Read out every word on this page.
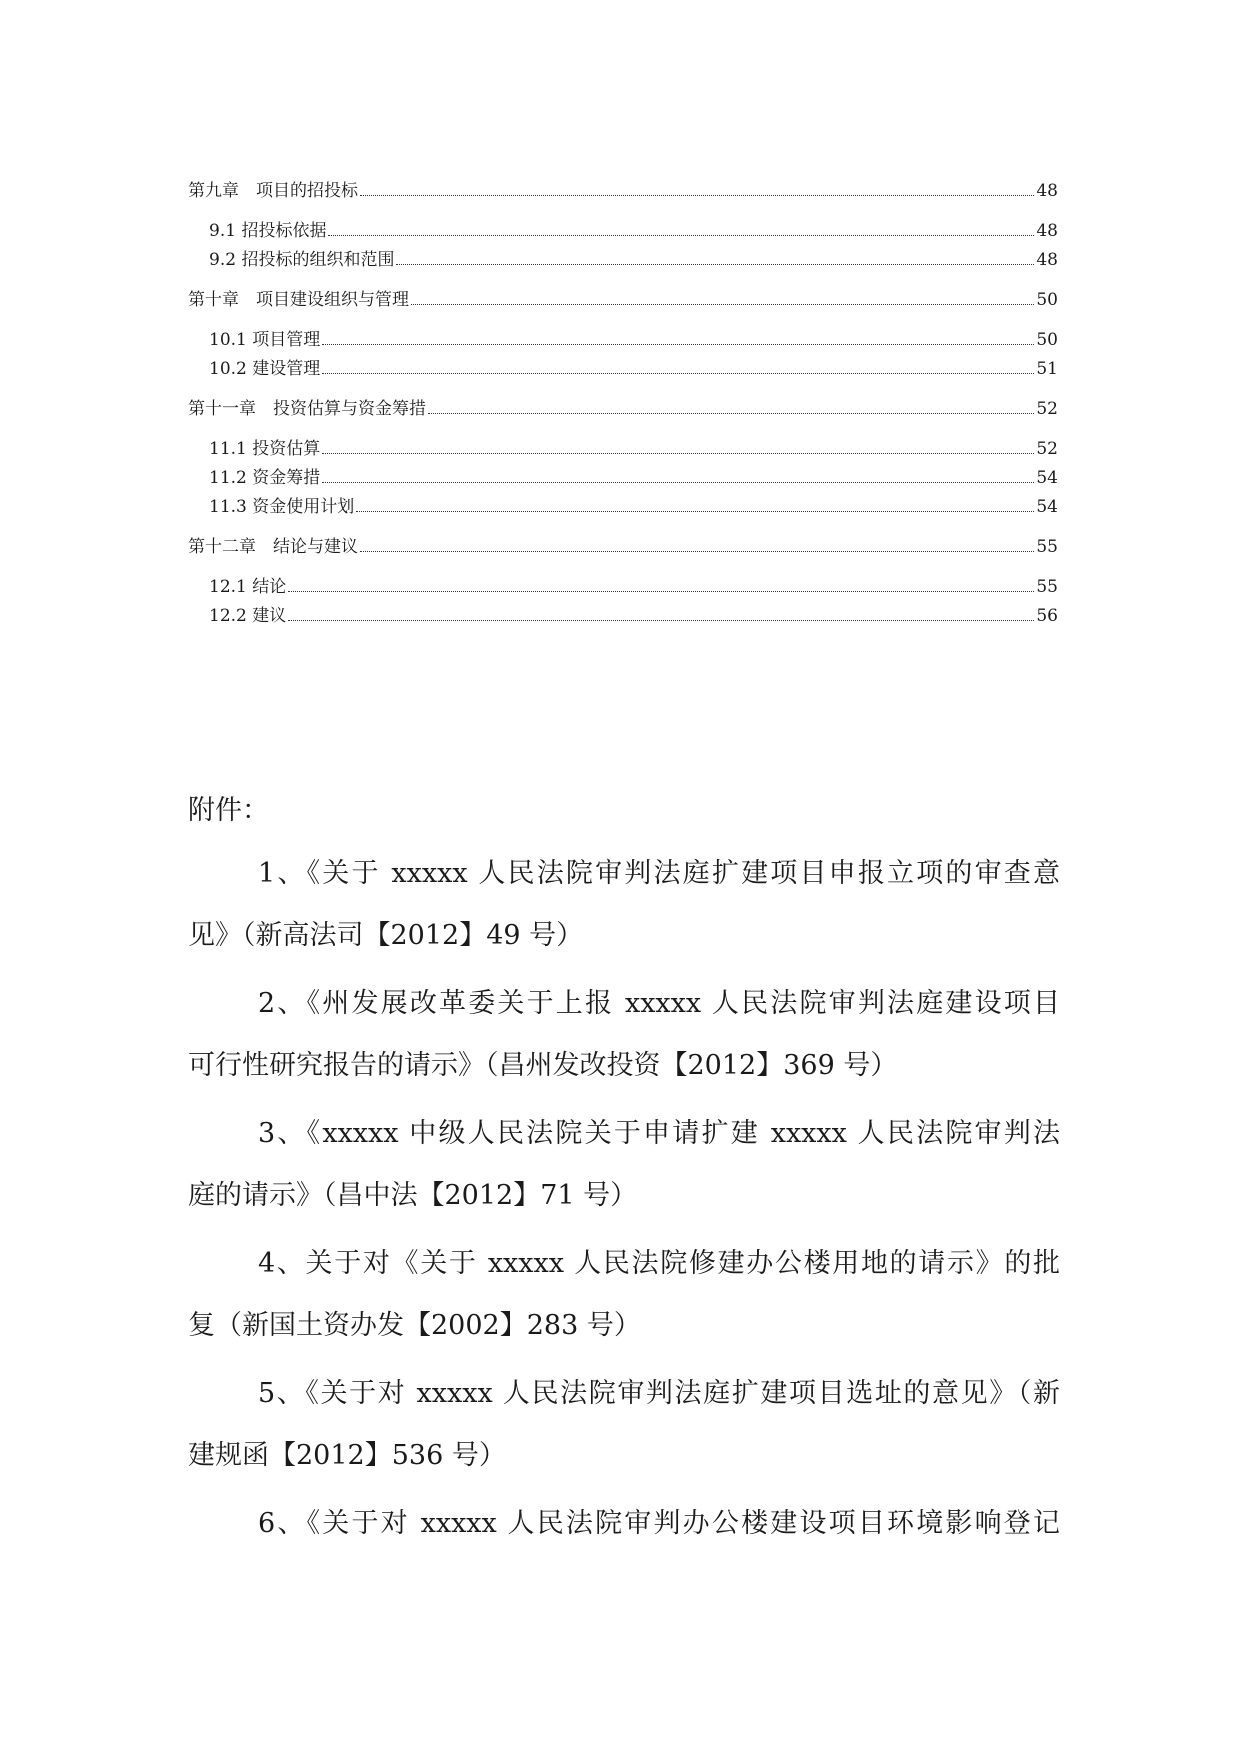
第九章　项目的招投标	48
9.1 招投标依据	48
9.2 招投标的组织和范围	48
第十章　项目建设组织与管理	50
10.1 项目管理	50
10.2 建设管理	51
第十一章　投资估算与资金筹措	52
11.1 投资估算	52
11.2 资金筹措	54
11.3 资金使用计划	54
第十二章　结论与建议	55
12.1 结论	55
12.2 建议	56
附件：
1、《关于 xxxxx 人民法院审判法庭扩建项目申报立项的审查意
见》（新高法司【2012】49 号）
2、《州发展改革委关于上报 xxxxx 人民法院审判法庭建设项目
可行性研究报告的请示》（昌州发改投资【2012】369 号）
3、《xxxxx 中级人民法院关于申请扩建 xxxxx 人民法院审判法
庭的请示》（昌中法【2012】71 号）
4、关于对《关于 xxxxx 人民法院修建办公楼用地的请示》的批
复（新国土资办发【2002】283 号）
5、《关于对 xxxxx 人民法院审判法庭扩建项目选址的意见》（新
建规函【2012】536 号）
6、《关于对 xxxxx 人民法院审判办公楼建设项目环境影响登记
